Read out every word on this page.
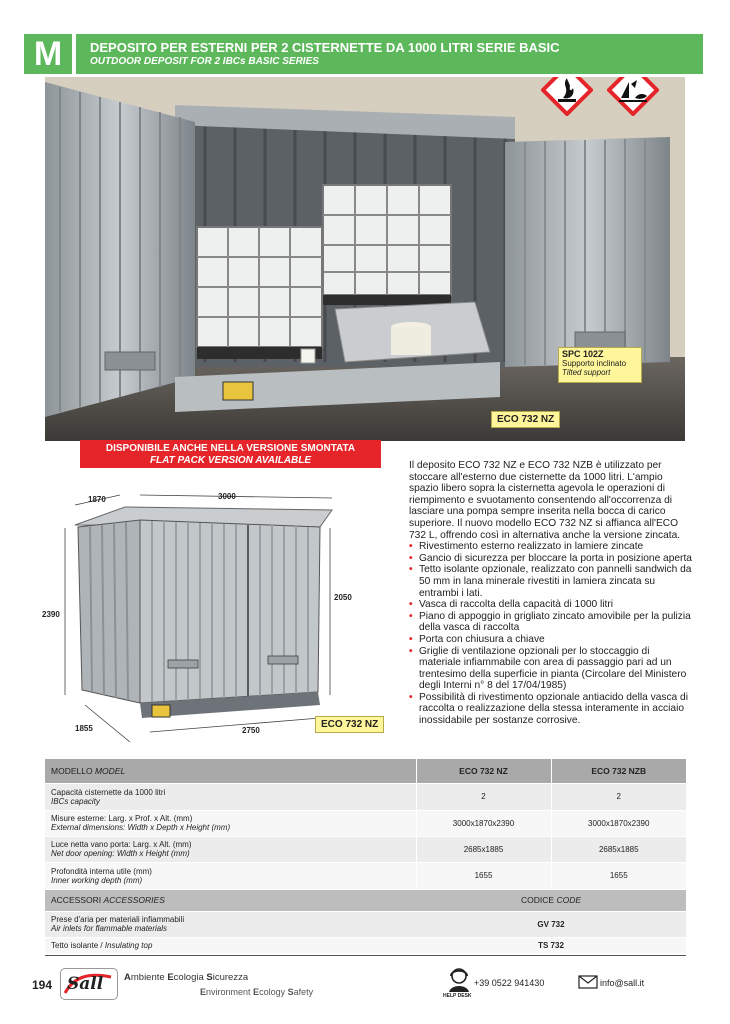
M	DEPOSITO PER ESTERNI PER 2 CISTERNETTE DA 1000 LITRI SERIE BASIC
OUTDOOR DEPOSIT FOR 2 IBCs BASIC SERIES
SPC 102Z
Supporto inclinato
Tilted support
ECO 732 NZ
DISPONIBILE ANCHE NELLA VERSIONE SMONTATA
FLAT PACK VERSION AVAILABLE
1870	3000
2390
2050
1855	2750
ECO 732 NZ

Il deposito ECO 732 NZ e ECO 732 NZB è utilizzato per stoccare all'esterno due cisternette da 1000 litri. L'ampio spazio libero sopra la cisternetta agevola le operazioni di riempimento e svuotamento consentendo all'occorrenza di lasciare una pompa sempre inserita nella bocca di carico superiore. Il nuovo modello ECO 732 NZ si affianca all'ECO 732 L, offrendo così in alternativa anche la versione zincata.

• Rivestimento esterno realizzato in lamiere zincate
• Gancio di sicurezza per bloccare la porta in posizione aperta
• Tetto isolante opzionale, realizzato con pannelli sandwich da 50 mm in lana minerale rivestiti in lamiera zincata su entrambi i lati.
• Vasca di raccolta della capacità di 1000 litri
• Piano di appoggio in grigliato zincato amovibile per la pulizia della vasca di raccolta
• Porta con chiusura a chiave
• Griglie di ventilazione opzionali per lo stoccaggio di materiale infiammabile con area di passaggio pari ad un trentesimo della superficie in pianta (Circolare del Ministero degli Interni n° 8 del 17/04/1985)
• Possibilità di rivestimento opzionale antiacido della vasca di raccolta o realizzazione della stessa interamente in acciaio inossidabile per sostanze corrosive.
MODELLO MODEL	ECO 732 NZ	ECO 732 NZB

Capacità cisternette da 1000 litri
IBCs capacity	2	2

Misure esterne: Larg. x Prof. x Alt. (mm)
External dimensions: Width x Depth x Height (mm)	3000x1870x2390	3000x1870x2390

Luce netta vano porta: Larg. x Alt. (mm)
Net door opening: Width x Height (mm)	2685x1885	2685x1885

Profondità interna utile (mm)
Inner working depth (mm)	1655	1655
ACCESSORI ACCESSORIES	CODICE CODE	

Prese d'aria per materiali infiammabili
Air inlets for flammable materials	GV 732	
Tetto isolante / Insulating top	TS 732	
194 Sall Ambiente Ecologia Sicurezza
Environment Ecology Safety	HELP DESK
+39 0522 941430	info@sall.it
